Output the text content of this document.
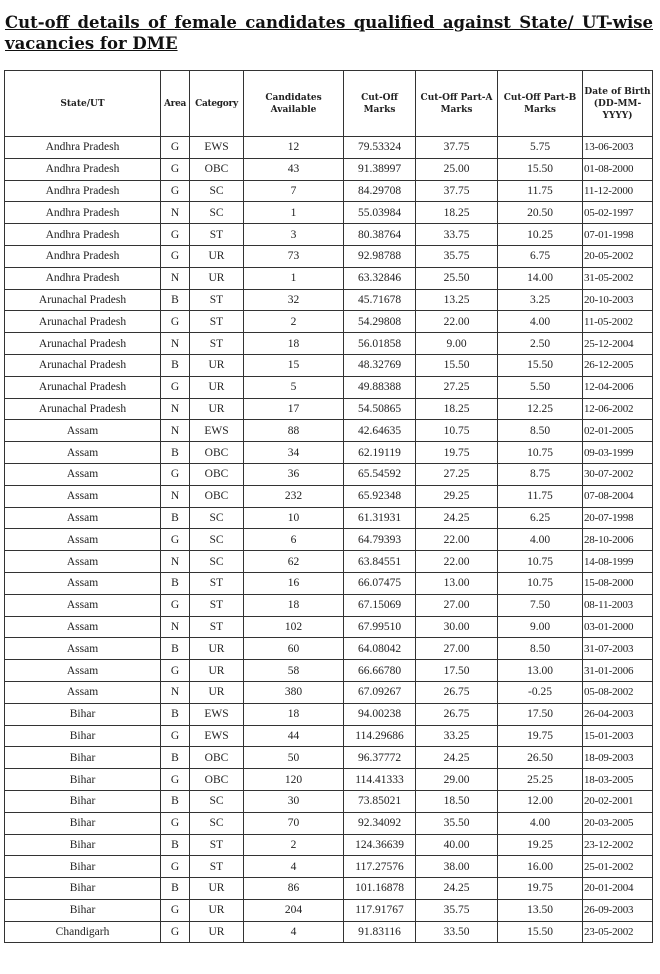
Cut-off details of female candidates qualified against State/ UT-wise vacancies for DME
State/UT	Area	Category	Candidates Available	Cut-Off Marks	Cut-Off Part-A Marks	Cut-Off Part-B Marks	Date of Birth (DD-MM-YYYY)
Andhra Pradesh	G	EWS	12	79.53324	37.75	5.75	13-06-2003
Andhra Pradesh	G	OBC	43	91.38997	25.00	15.50	01-08-2000
Andhra Pradesh	G	SC	7	84.29708	37.75	11.75	11-12-2000
Andhra Pradesh	N	SC	1	55.03984	18.25	20.50	05-02-1997
Andhra Pradesh	G	ST	3	80.38764	33.75	10.25	07-01-1998
Andhra Pradesh	G	UR	73	92.98788	35.75	6.75	20-05-2002
Andhra Pradesh	N	UR	1	63.32846	25.50	14.00	31-05-2002
Arunachal Pradesh	B	ST	32	45.71678	13.25	3.25	20-10-2003
Arunachal Pradesh	G	ST	2	54.29808	22.00	4.00	11-05-2002
Arunachal Pradesh	N	ST	18	56.01858	9.00	2.50	25-12-2004
Arunachal Pradesh	B	UR	15	48.32769	15.50	15.50	26-12-2005
Arunachal Pradesh	G	UR	5	49.88388	27.25	5.50	12-04-2006
Arunachal Pradesh	N	UR	17	54.50865	18.25	12.25	12-06-2002
Assam	N	EWS	88	42.64635	10.75	8.50	02-01-2005
Assam	B	OBC	34	62.19119	19.75	10.75	09-03-1999
Assam	G	OBC	36	65.54592	27.25	8.75	30-07-2002
Assam	N	OBC	232	65.92348	29.25	11.75	07-08-2004
Assam	B	SC	10	61.31931	24.25	6.25	20-07-1998
Assam	G	SC	6	64.79393	22.00	4.00	28-10-2006
Assam	N	SC	62	63.84551	22.00	10.75	14-08-1999
Assam	B	ST	16	66.07475	13.00	10.75	15-08-2000
Assam	G	ST	18	67.15069	27.00	7.50	08-11-2003
Assam	N	ST	102	67.99510	30.00	9.00	03-01-2000
Assam	B	UR	60	64.08042	27.00	8.50	31-07-2003
Assam	G	UR	58	66.66780	17.50	13.00	31-01-2006
Assam	N	UR	380	67.09267	26.75	-0.25	05-08-2002
Bihar	B	EWS	18	94.00238	26.75	17.50	26-04-2003
Bihar	G	EWS	44	114.29686	33.25	19.75	15-01-2003
Bihar	B	OBC	50	96.37772	24.25	26.50	18-09-2003
Bihar	G	OBC	120	114.41333	29.00	25.25	18-03-2005
Bihar	B	SC	30	73.85021	18.50	12.00	20-02-2001
Bihar	G	SC	70	92.34092	35.50	4.00	20-03-2005
Bihar	B	ST	2	124.36639	40.00	19.25	23-12-2002
Bihar	G	ST	4	117.27576	38.00	16.00	25-01-2002
Bihar	B	UR	86	101.16878	24.25	19.75	20-01-2004
Bihar	G	UR	204	117.91767	35.75	13.50	26-09-2003
Chandigarh	G	UR	4	91.83116	33.50	15.50	23-05-2002
